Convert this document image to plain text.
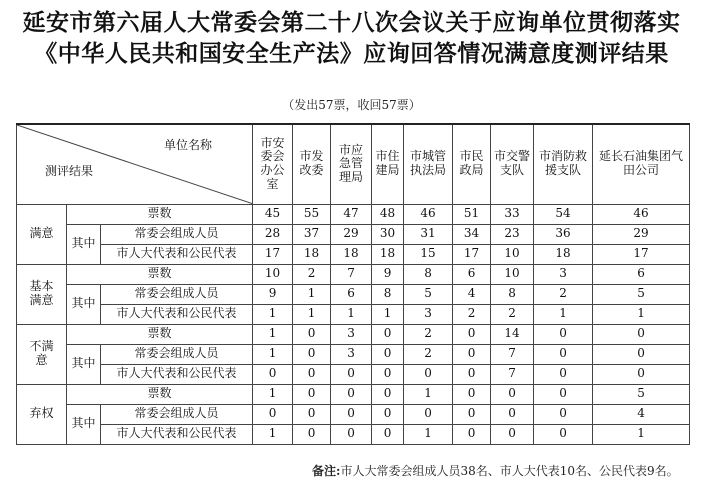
延安市第六届人大常委会第二十八次会议关于应询单位贯彻落实
《中华人民共和国安全生产法》应询回答情况满意度测评结果
（发出57票，收回57票）
单位名称
测评结果			市安委会办公室	市发改委	市应急管理局	市住建局	市城管执法局	市民政局	市交警支队	市消防救援支队	延长石油集团气田公司
满意	票数		45	55	47	48	46	51	33	54	46
	其中	常委会组成人员	28	37	29	30	31	34	23	36	29
		市人大代表和公民代表	17	18	18	18	15	17	10	18	17
基本满意	票数		10	2	7	9	8	6	10	3	6
	其中	常委会组成人员	9	1	6	8	5	4	8	2	5
		市人大代表和公民代表	1	1	1	1	3	2	2	1	1
不满意	票数		1	0	3	0	2	0	14	0	0
	其中	常委会组成人员	1	0	3	0	2	0	7	0	0
		市人大代表和公民代表	0	0	0	0	0	0	7	0	0
弃权	票数		1	0	0	0	1	0	0	0	5
	其中	常委会组成人员	0	0	0	0	0	0	0	0	4
		市人大代表和公民代表	1	0	0	0	1	0	0	0	1
备注:市人大常委会组成人员38名、市人大代表10名、公民代表9名。
